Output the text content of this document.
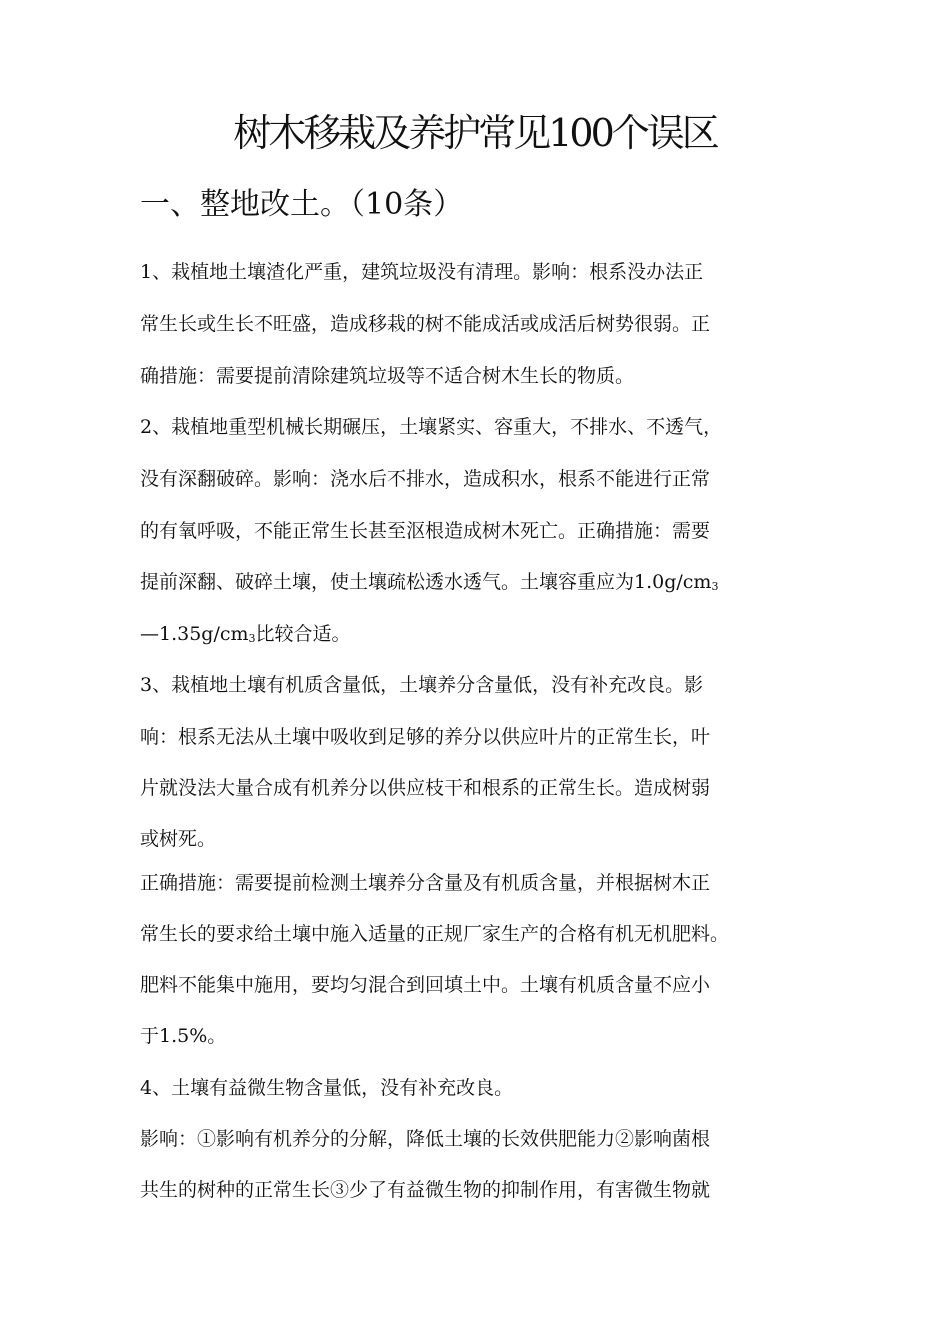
树木移栽及养护常见100个误区
一、整地改土。（10条）
1、栽植地土壤渣化严重，建筑垃圾没有清理。影响：根系没办法正
常生长或生长不旺盛，造成移栽的树不能成活或成活后树势很弱。正
确措施：需要提前清除建筑垃圾等不适合树木生长的物质。
2、栽植地重型机械长期碾压，土壤紧实、容重大，不排水、不透气，
没有深翻破碎。影响：浇水后不排水，造成积水，根系不能进行正常
的有氧呼吸，不能正常生长甚至沤根造成树木死亡。正确措施：需要
提前深翻、破碎土壤，使土壤疏松透水透气。土壤容重应为1.0g/cm3
—1.35g/cm3比较合适。
3、栽植地土壤有机质含量低，土壤养分含量低，没有补充改良。影
响：根系无法从土壤中吸收到足够的养分以供应叶片的正常生长，叶
片就没法大量合成有机养分以供应枝干和根系的正常生长。造成树弱
或树死。
正确措施：需要提前检测土壤养分含量及有机质含量，并根据树木正
常生长的要求给土壤中施入适量的正规厂家生产的合格有机无机肥料。
肥料不能集中施用，要均匀混合到回填土中。土壤有机质含量不应小
于1.5%。
4、土壤有益微生物含量低，没有补充改良。
影响：①影响有机养分的分解，降低土壤的长效供肥能力②影响菌根
共生的树种的正常生长③少了有益微生物的抑制作用，有害微生物就
